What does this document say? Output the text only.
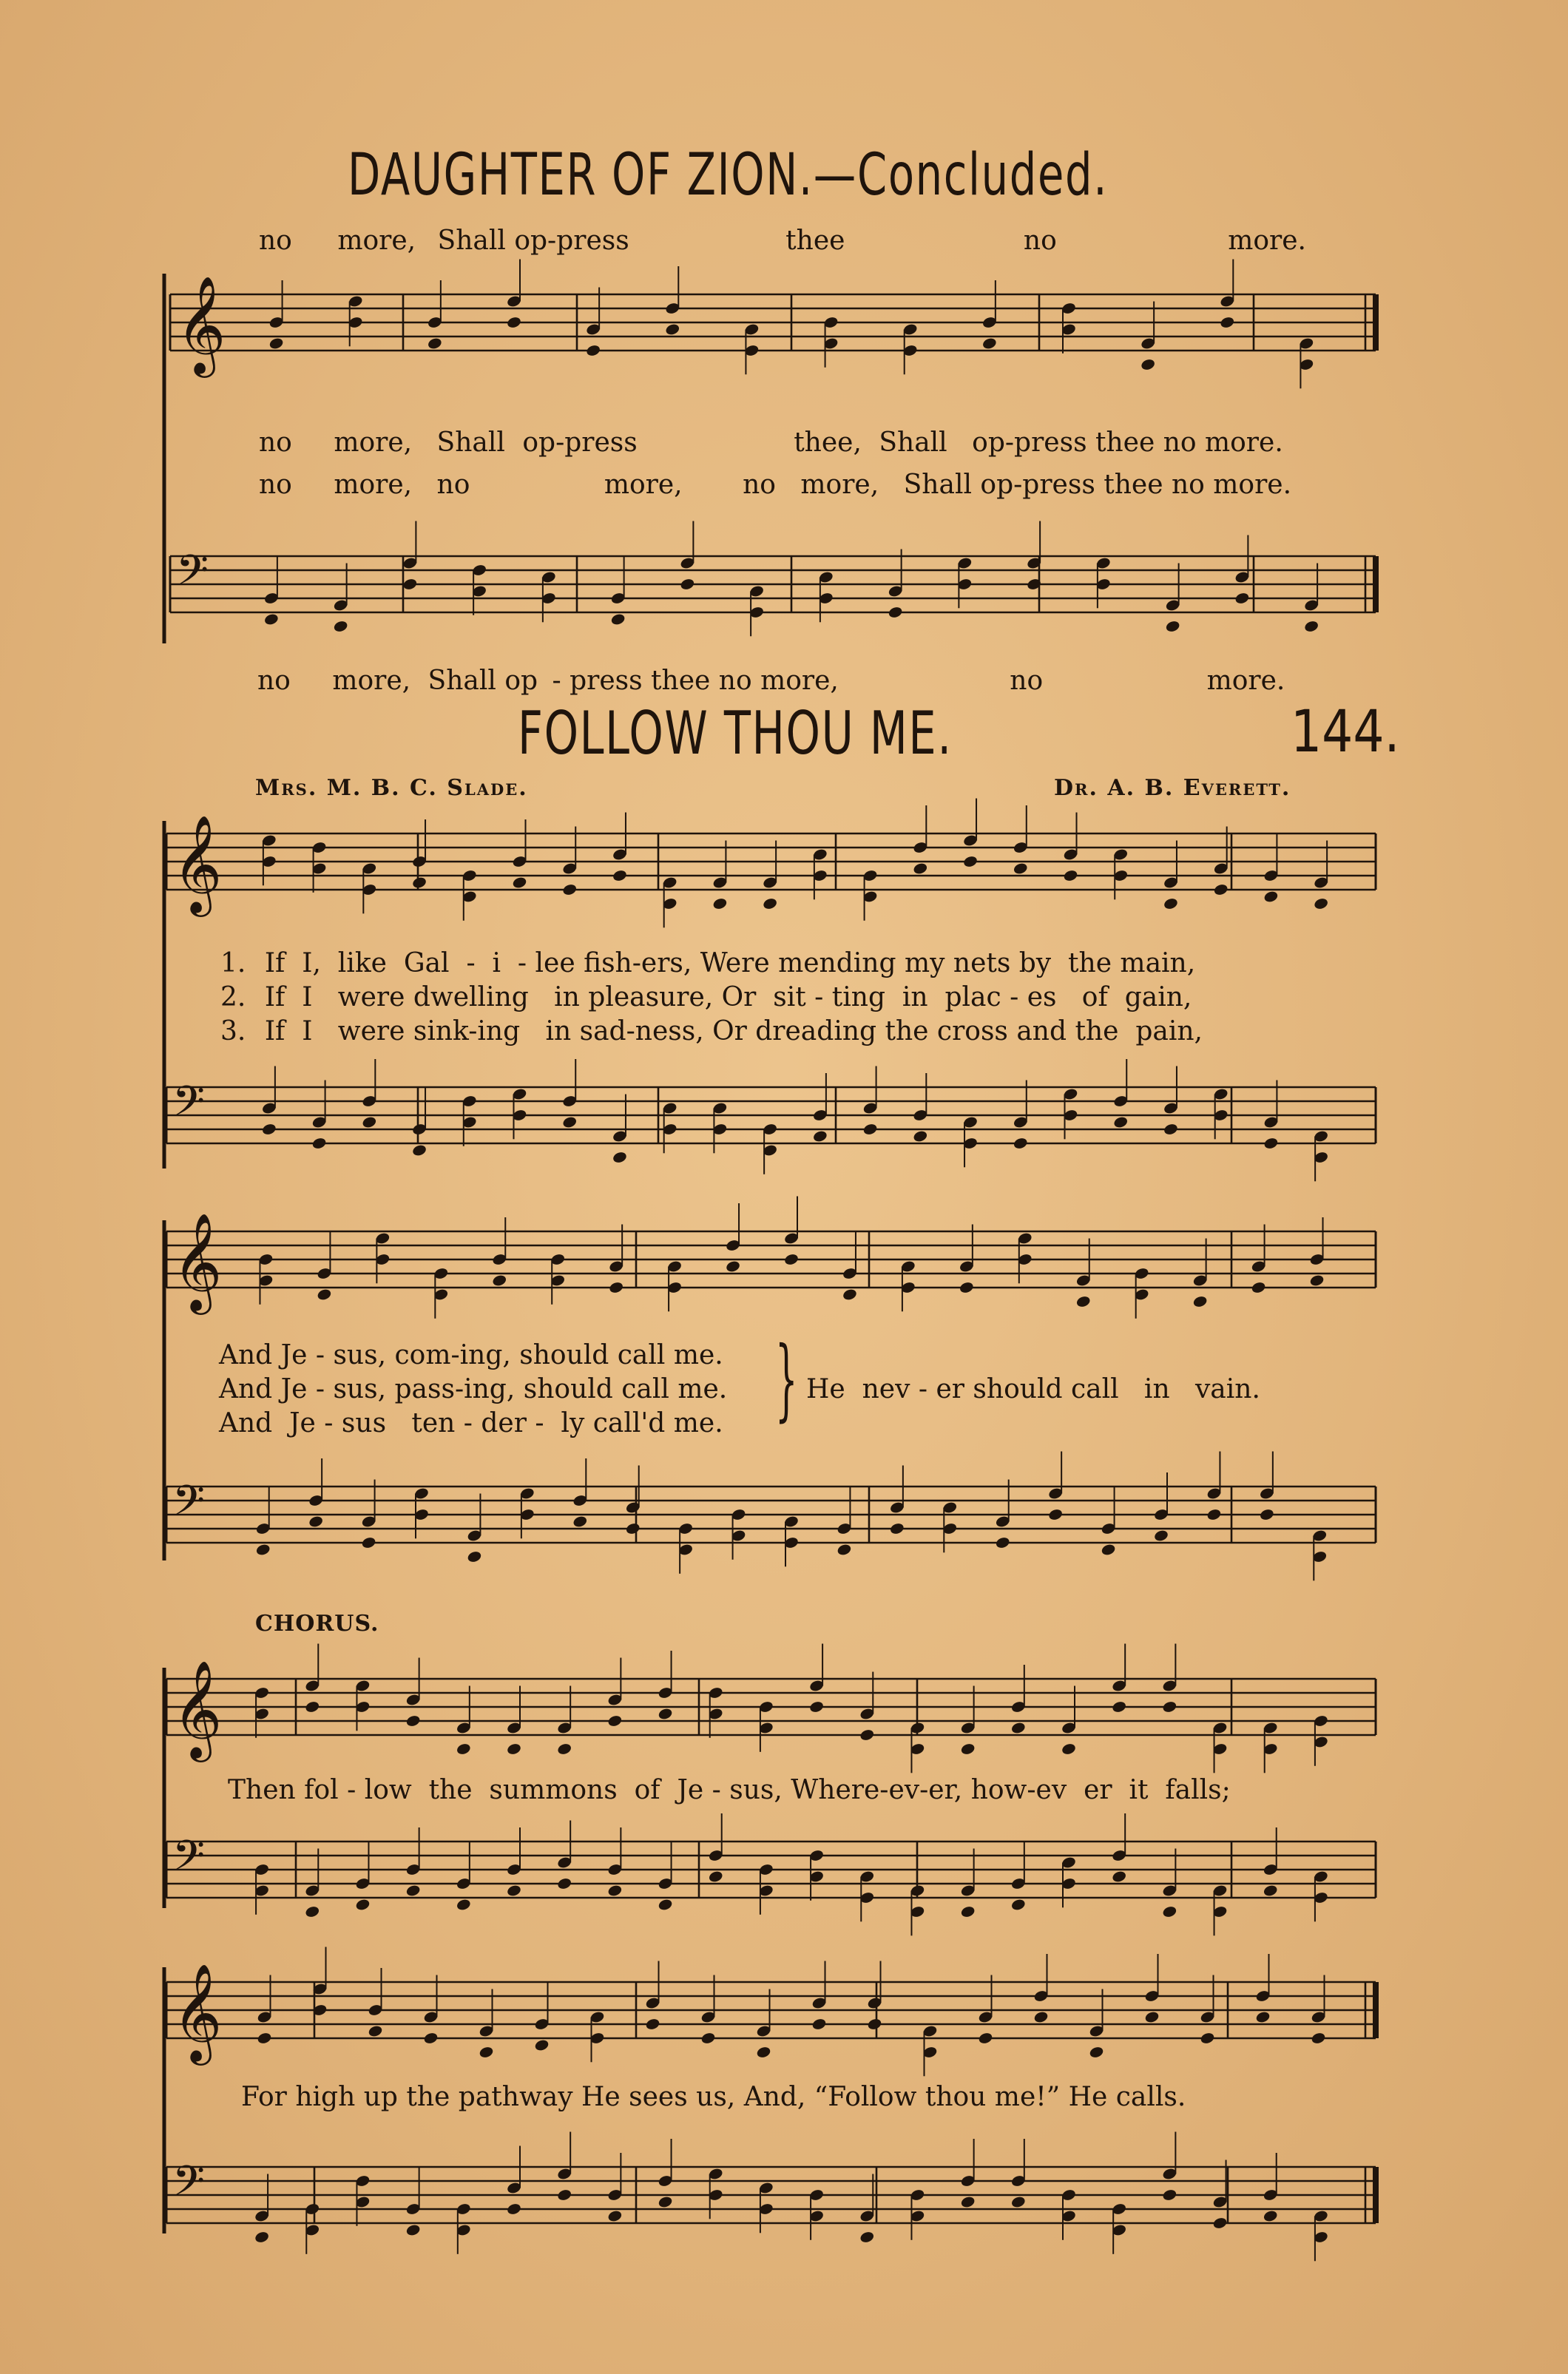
𝄞
𝄢
𝄞
𝄢
𝄞
𝄢
𝄞
𝄢
𝄞
𝄢
DAUGHTER OF ZION.—Concluded.
no more, Shall op-press	thee	no	more.
no more, Shall op-press	thee, Shall op-press thee no more.
no more, no	more, no more, Shall op-press thee no more.
no more, Shall op - press thee no more,	no	more.
FOLLOW THOU ME.	144.
Mrs. M. B. C. Slade.	Dr. A. B. Everett.
1. If  I,  like  Gal  -  i  - lee fish-ers, Were mending my nets by  the main,
2. If  I   were dwelling   in pleasure, Or  sit - ting  in  plac - es   of  gain,
3. If  I   were sink-ing   in sad-ness, Or dreading the cross and the  pain,
And Je - sus, com-ing, should call me.
And Je - sus, pass-ing, should call me.
And  Je - sus   ten - der -  ly call'd me. } He  nev - er should call   in   vain.
CHORUS.
Then fol - low  the  summons  of  Je - sus, Where-ev-er, how-ev  er  it  falls;
For high up the pathway He sees us, And, “Follow thou me!” He calls.
